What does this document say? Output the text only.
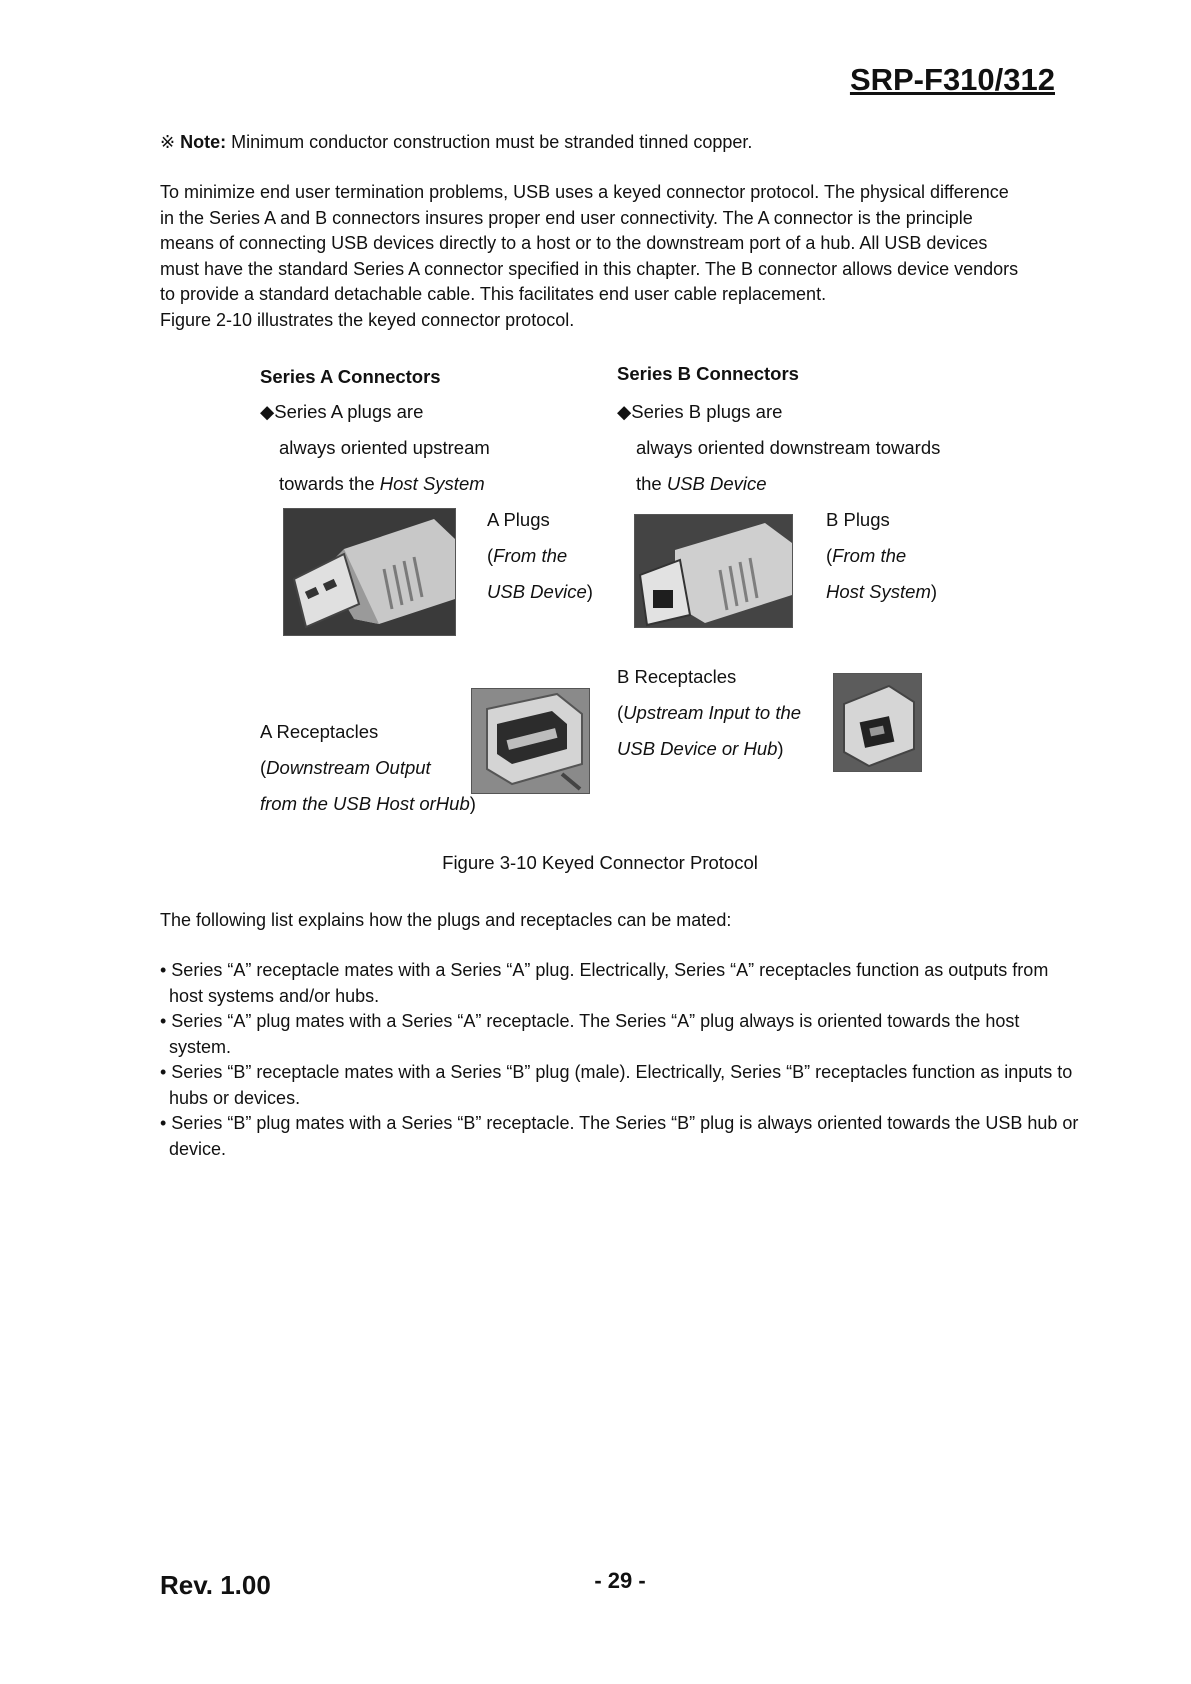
SRP-F310/312
※ Note: Minimum conductor construction must be stranded tinned copper.

To minimize end user termination problems, USB uses a keyed connector protocol. The physical difference

in the Series A and B connectors insures proper end user connectivity. The A connector is the principle

means of connecting USB devices directly to a host or to the downstream port of a hub. All USB devices

must have the standard Series A connector specified in this chapter. The B connector allows device vendors

to provide a standard detachable cable. This facilitates end user cable replacement.

Figure 2-10 illustrates the keyed connector protocol.

Series A Connectors
◆Series A plugs are
always oriented upstream
towards the Host System
A Plugs
(From the
USB Device)
A Receptacles
(Downstream Output
from the USB Host orHub)
Series B Connectors
◆Series B plugs are
always oriented downstream towards
the USB Device
B Plugs
(From the
Host System)
B Receptacles
(Upstream Input to the
USB Device or Hub)
Figure 3-10 Keyed Connector Protocol
The following list explains how the plugs and receptacles can be mated:
• Series “A” receptacle mates with a Series “A” plug. Electrically, Series “A” receptacles function as outputs from host systems and/or hubs.
• Series “A” plug mates with a Series “A” receptacle. The Series “A” plug always is oriented towards the host system.
• Series “B” receptacle mates with a Series “B” plug (male). Electrically, Series “B” receptacles function as inputs to hubs or devices.
• Series “B” plug mates with a Series “B” receptacle. The Series “B” plug is always oriented towards the USB hub or device.
Rev. 1.00	- 29 -
